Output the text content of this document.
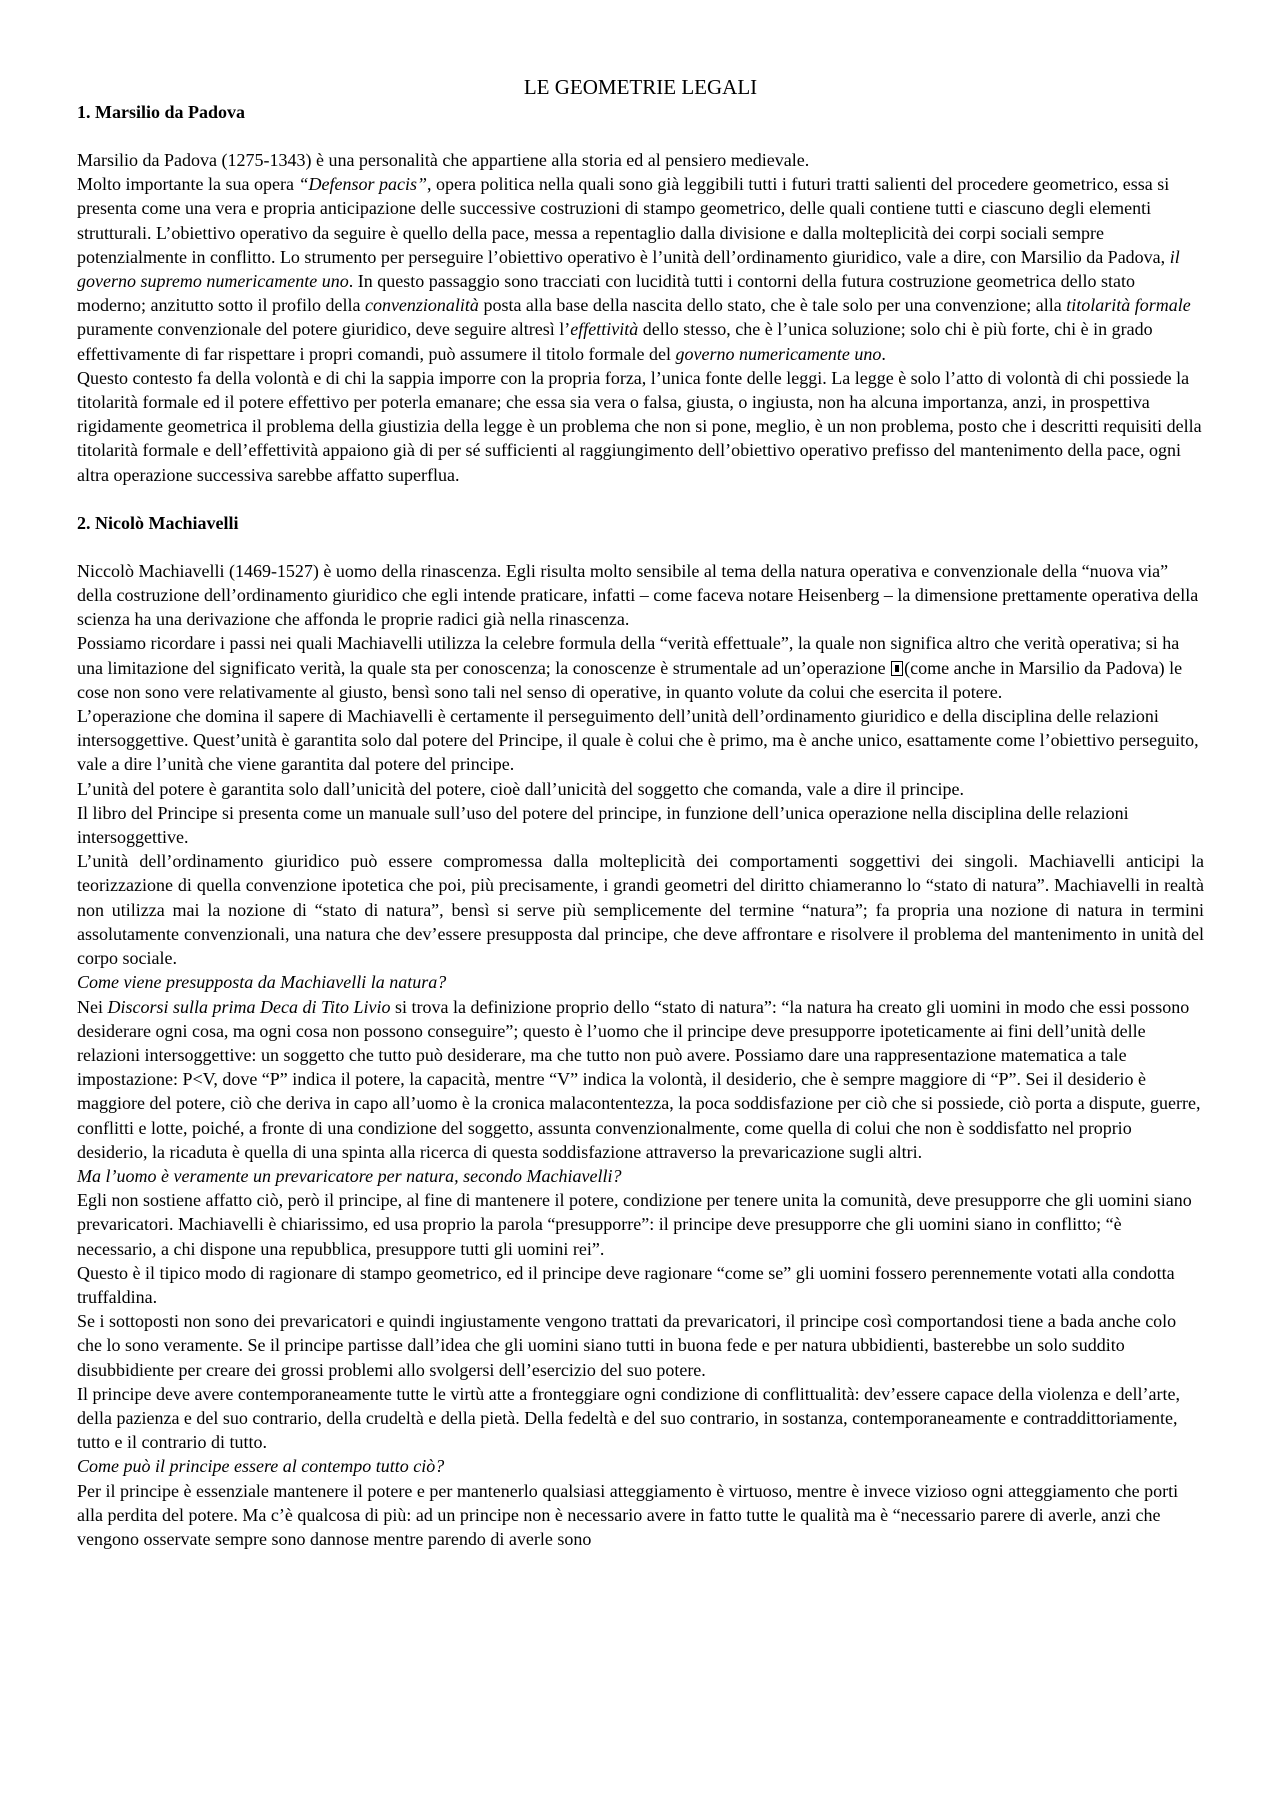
LE GEOMETRIE LEGALI

1. Marsilio da Padova

Marsilio da Padova (1275-1343) è una personalità che appartiene alla storia ed al pensiero medievale.

Molto importante la sua opera “Defensor pacis”, opera politica nella quali sono già leggibili tutti i futuri tratti salienti del procedere geometrico, essa si presenta come una vera e propria anticipazione delle successive costruzioni di stampo geometrico, delle quali contiene tutti e ciascuno degli elementi strutturali. L’obiettivo operativo da seguire è quello della pace, messa a repentaglio dalla divisione e dalla molteplicità dei corpi sociali sempre potenzialmente in conflitto. Lo strumento per perseguire l’obiettivo operativo è l’unità dell’ordinamento giuridico, vale a dire, con Marsilio da Padova, il governo supremo numericamente uno. In questo passaggio sono tracciati con lucidità tutti i contorni della futura costruzione geometrica dello stato moderno; anzitutto sotto il profilo della convenzionalità posta alla base della nascita dello stato, che è tale solo per una convenzione; alla titolarità formale puramente convenzionale del potere giuridico, deve seguire altresì l’effettività dello stesso, che è l’unica soluzione; solo chi è più forte, chi è in grado effettivamente di far rispettare i propri comandi, può assumere il titolo formale del governo numericamente uno.

Questo contesto fa della volontà e di chi la sappia imporre con la propria forza, l’unica fonte delle leggi. La legge è solo l’atto di volontà di chi possiede la titolarità formale ed il potere effettivo per poterla emanare; che essa sia vera o falsa, giusta, o ingiusta, non ha alcuna importanza, anzi, in prospettiva rigidamente geometrica il problema della giustizia della legge è un problema che non si pone, meglio, è un non problema, posto che i descritti requisiti della titolarità formale e dell’effettività appaiono già di per sé sufficienti al raggiungimento dell’obiettivo operativo prefisso del mantenimento della pace, ogni altra operazione successiva sarebbe affatto superflua.

2. Nicolò Machiavelli

Niccolò Machiavelli (1469-1527) è uomo della rinascenza. Egli risulta molto sensibile al tema della natura operativa e convenzionale della “nuova via” della costruzione dell’ordinamento giuridico che egli intende praticare, infatti – come faceva notare Heisenberg – la dimensione prettamente operativa della scienza ha una derivazione che affonda le proprie radici già nella rinascenza.

Possiamo ricordare i passi nei quali Machiavelli utilizza la celebre formula della “verità effettuale”, la quale non significa altro che verità operativa; si ha una limitazione del significato verità, la quale sta per conoscenza; la conoscenze è strumentale ad un’operazione (come anche in Marsilio da Padova) le cose non sono vere relativamente al giusto, bensì sono tali nel senso di operative, in quanto volute da colui che esercita il potere.

L’operazione che domina il sapere di Machiavelli è certamente il perseguimento dell’unità dell’ordinamento giuridico e della disciplina delle relazioni intersoggettive. Quest’unità è garantita solo dal potere del Principe, il quale è colui che è primo, ma è anche unico, esattamente come l’obiettivo perseguito, vale a dire l’unità che viene garantita dal potere del principe.

L’unità del potere è garantita solo dall’unicità del potere, cioè dall’unicità del soggetto che comanda, vale a dire il principe.

Il libro del Principe si presenta come un manuale sull’uso del potere del principe, in funzione dell’unica operazione nella disciplina delle relazioni intersoggettive.

L’unità dell’ordinamento giuridico può essere compromessa dalla molteplicità dei comportamenti soggettivi dei singoli. Machiavelli anticipi la teorizzazione di quella convenzione ipotetica che poi, più precisamente, i grandi geometri del diritto chiameranno lo “stato di natura”. Machiavelli in realtà non utilizza mai la nozione di “stato di natura”, bensì si serve più semplicemente del termine “natura”; fa propria una nozione di natura in termini assolutamente convenzionali, una natura che dev’essere presupposta dal principe, che deve affrontare e risolvere il problema del mantenimento in unità del corpo sociale.

Come viene presupposta da Machiavelli la natura?

Nei Discorsi sulla prima Deca di Tito Livio si trova la definizione proprio dello “stato di natura”: “la natura ha creato gli uomini in modo che essi possono desiderare ogni cosa, ma ogni cosa non possono conseguire”; questo è l’uomo che il principe deve presupporre ipoteticamente ai fini dell’unità delle relazioni intersoggettive: un soggetto che tutto può desiderare, ma che tutto non può avere. Possiamo dare una rappresentazione matematica a tale impostazione: P<V, dove “P” indica il potere, la capacità, mentre “V” indica la volontà, il desiderio, che è sempre maggiore di “P”. Sei il desiderio è maggiore del potere, ciò che deriva in capo all’uomo è la cronica malacontentezza, la poca soddisfazione per ciò che si possiede, ciò porta a dispute, guerre, conflitti e lotte, poiché, a fronte di una condizione del soggetto, assunta convenzionalmente, come quella di colui che non è soddisfatto nel proprio desiderio, la ricaduta è quella di una spinta alla ricerca di questa soddisfazione attraverso la prevaricazione sugli altri.

Ma l’uomo è veramente un prevaricatore per natura, secondo Machiavelli?

Egli non sostiene affatto ciò, però il principe, al fine di mantenere il potere, condizione per tenere unita la comunità, deve presupporre che gli uomini siano prevaricatori. Machiavelli è chiarissimo, ed usa proprio la parola “presupporre”: il principe deve presupporre che gli uomini siano in conflitto; “è necessario, a chi dispone una repubblica, presuppore tutti gli uomini rei”.

Questo è il tipico modo di ragionare di stampo geometrico, ed il principe deve ragionare “come se” gli uomini fossero perennemente votati alla condotta truffaldina.

Se i sottoposti non sono dei prevaricatori e quindi ingiustamente vengono trattati da prevaricatori, il principe così comportandosi tiene a bada anche colo che lo sono veramente. Se il principe partisse dall’idea che gli uomini siano tutti in buona fede e per natura ubbidienti, basterebbe un solo suddito disubbidiente per creare dei grossi problemi allo svolgersi dell’esercizio del suo potere.

Il principe deve avere contemporaneamente tutte le virtù atte a fronteggiare ogni condizione di conflittualità: dev’essere capace della violenza e dell’arte, della pazienza e del suo contrario, della crudeltà e della pietà. Della fedeltà e del suo contrario, in sostanza, contemporaneamente e contraddittoriamente, tutto e il contrario di tutto.

Come può il principe essere al contempo tutto ciò?

Per il principe è essenziale mantenere il potere e per mantenerlo qualsiasi atteggiamento è virtuoso, mentre è invece vizioso ogni atteggiamento che porti alla perdita del potere. Ma c’è qualcosa di più: ad un principe non è necessario avere in fatto tutte le qualità ma è “necessario parere di averle, anzi che vengono osservate sempre sono dannose mentre parendo di averle sono
